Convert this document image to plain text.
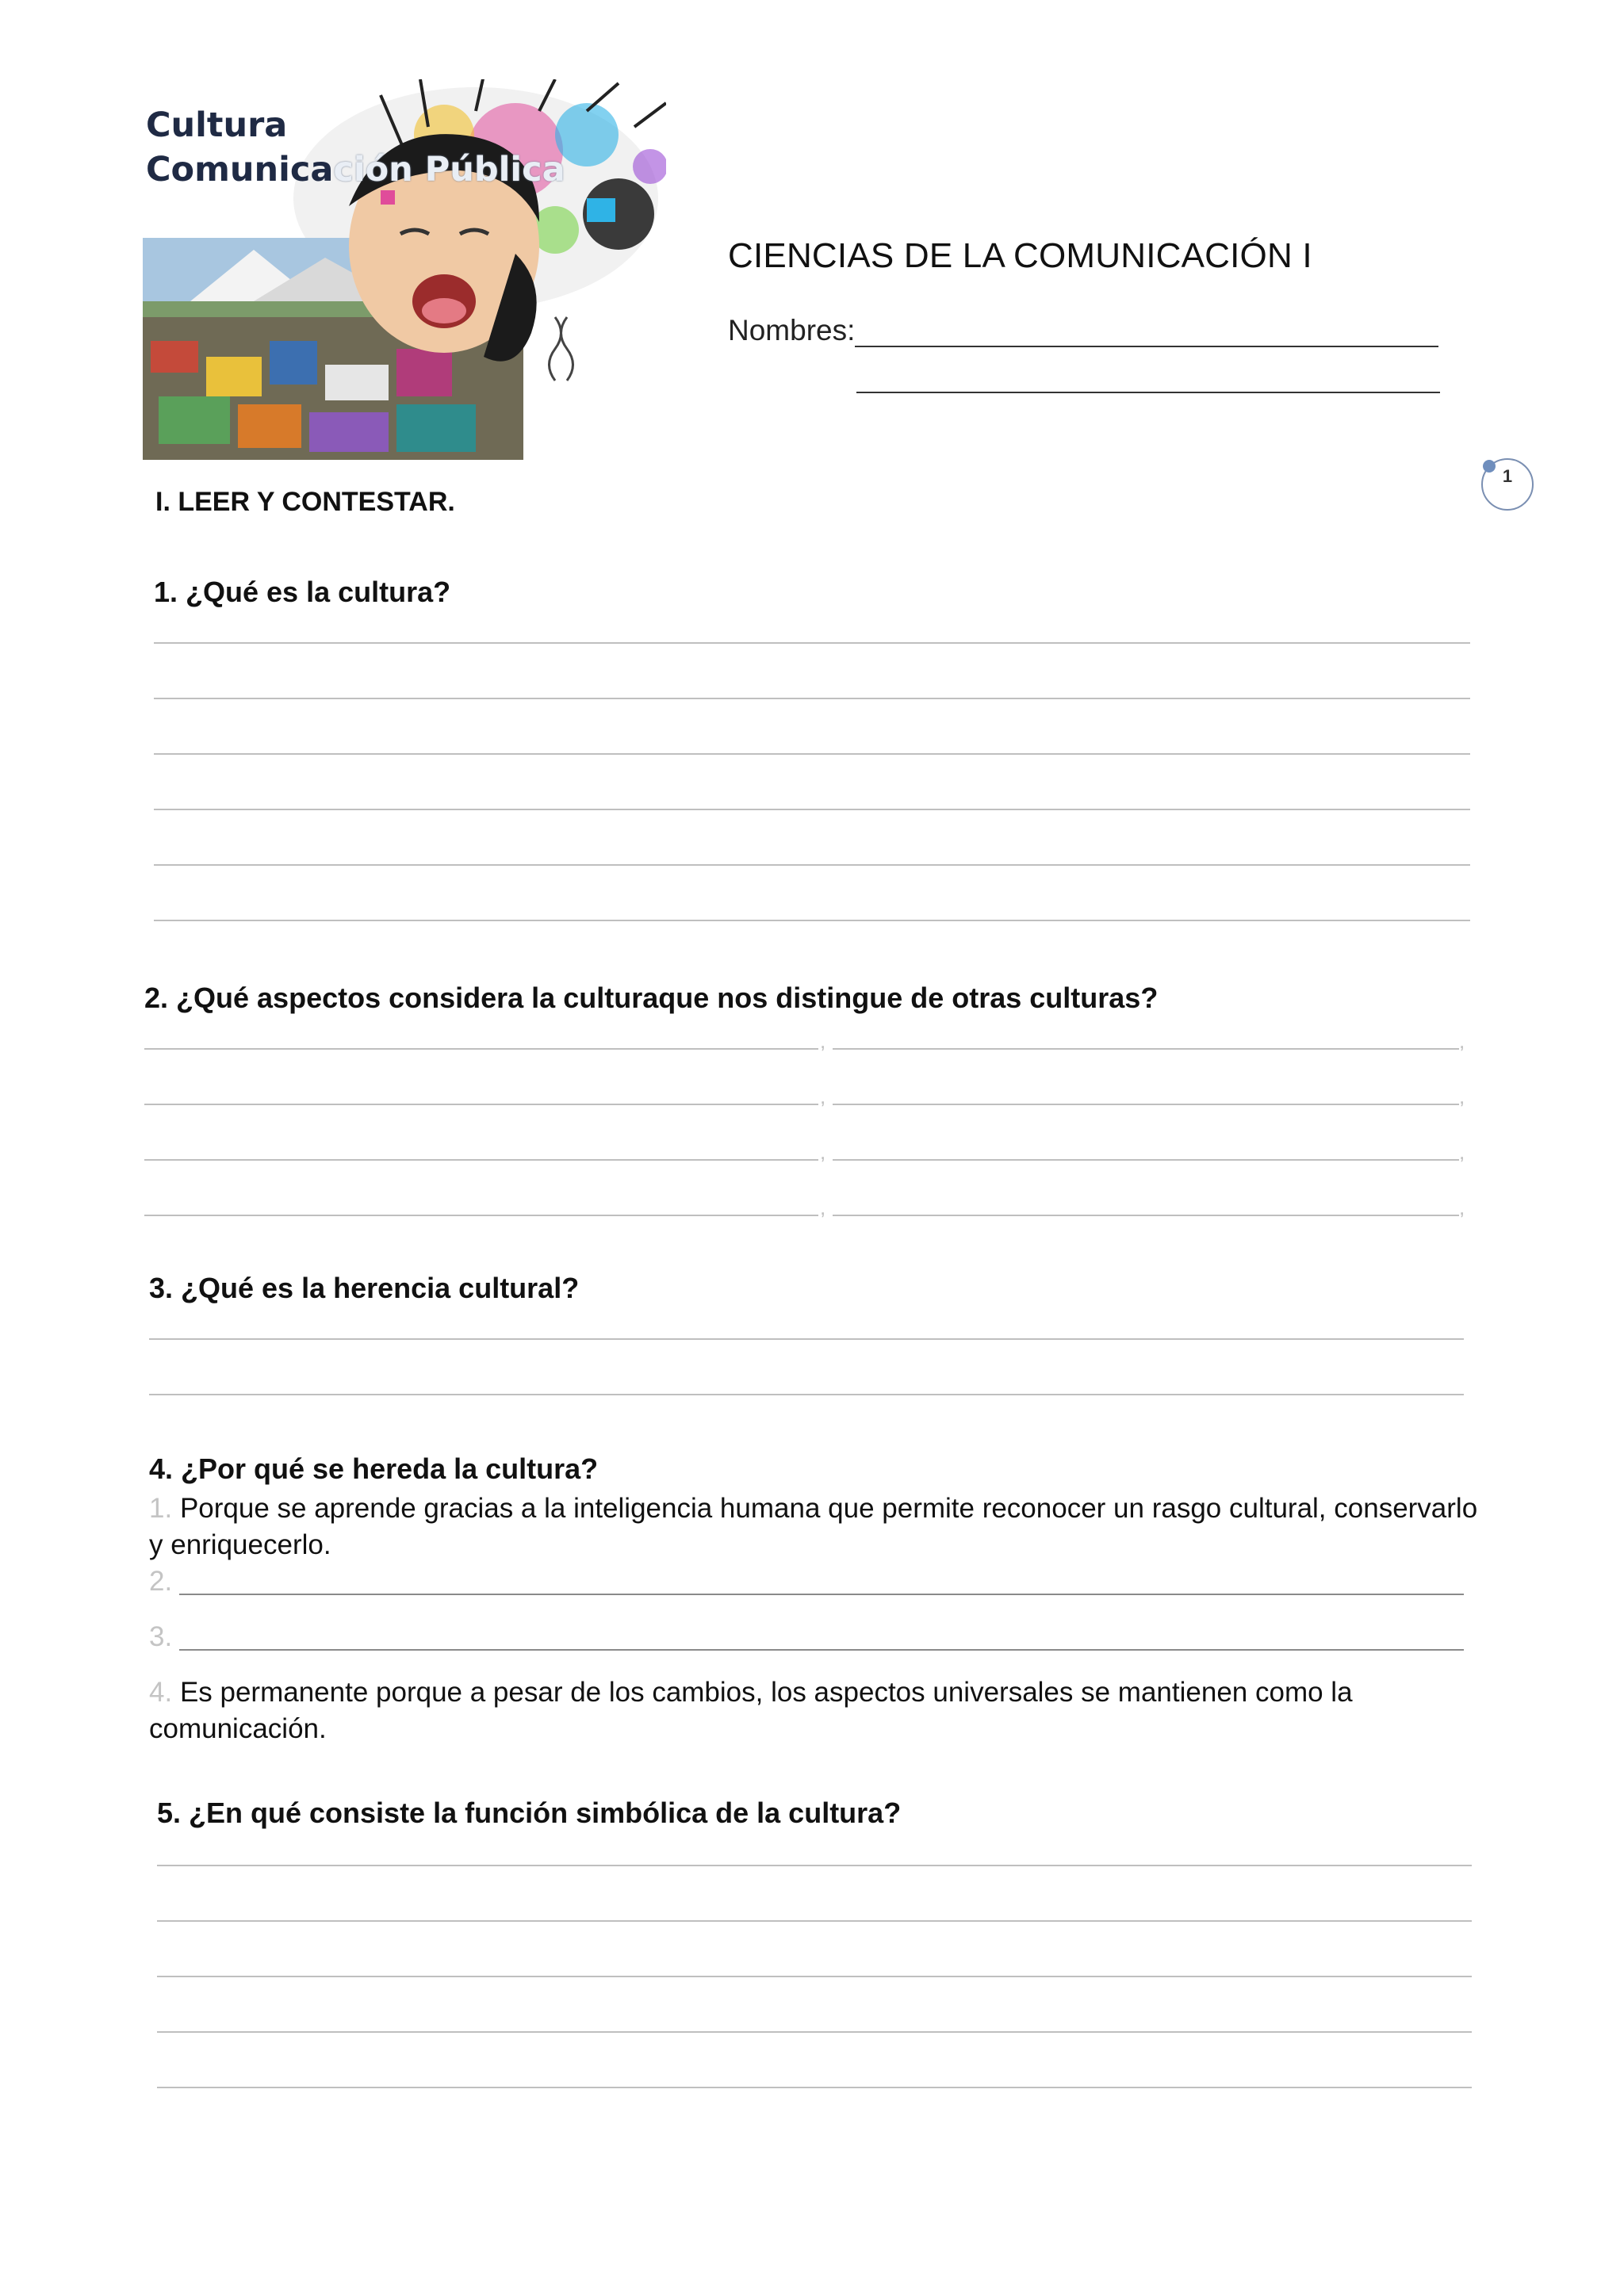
Cultura
Comunicación Pública
CIENCIAS DE LA COMUNICACIÓN I
Nombres:
1
I. LEER Y CONTESTAR.
1. ¿Qué es la cultura?
2. ¿Qué aspectos considera la culturaque nos distingue de otras culturas?
,	,
,	,
,	,
,	,
3. ¿Qué es la herencia cultural?
4. ¿Por qué se hereda la cultura?
1. Porque se aprende gracias a la inteligencia humana que permite reconocer un rasgo cultural, conservarlo
y enriquecerlo.
2.
3.
4. Es permanente porque a pesar de los cambios, los aspectos universales se mantienen como la
comunicación.
5. ¿En qué consiste la función simbólica de la cultura?
